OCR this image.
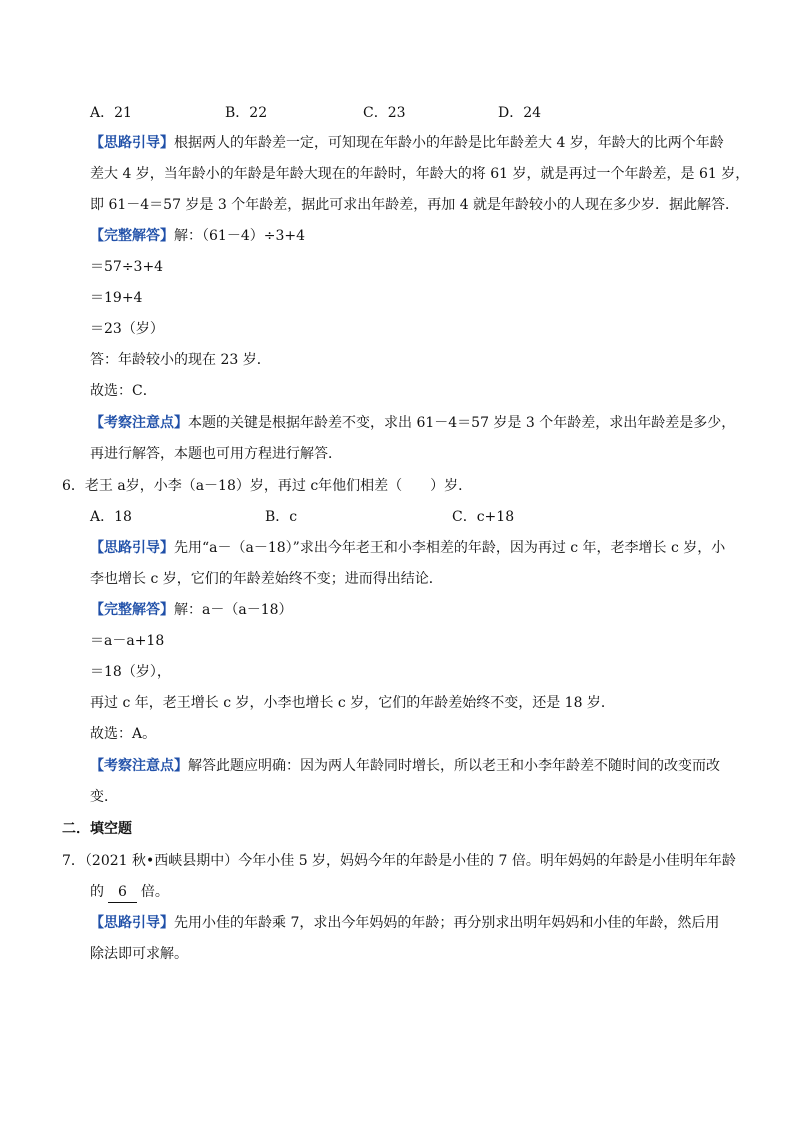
A．21	B．22	C．23	D．24
【思路引导】根据两人的年龄差一定，可知现在年龄小的年龄是比年龄差大 4 岁，年龄大的比两个年龄
差大 4 岁，当年龄小的年龄是年龄大现在的年龄时，年龄大的将 61 岁，就是再过一个年龄差，是 61 岁，
即 61－4＝57 岁是 3 个年龄差，据此可求出年龄差，再加 4 就是年龄较小的人现在多少岁．据此解答．
【完整解答】解：（61－4）÷3+4
＝57÷3+4
＝19+4
＝23（岁）
答：年龄较小的现在 23 岁．
故选：C．
【考察注意点】本题的关键是根据年龄差不变，求出 61－4＝57 岁是 3 个年龄差，求出年龄差是多少，
再进行解答，本题也可用方程进行解答．
6．老王 a岁，小李（a－18）岁，再过 c年他们相差（　　）岁．
A．18	B．c	C．c+18
【思路引导】先用“a－（a－18）”求出今年老王和小李相差的年龄，因为再过 c 年，老李增长 c 岁，小
李也增长 c 岁，它们的年龄差始终不变；进而得出结论．
【完整解答】解：a－（a－18）
＝a－a+18
＝18（岁），
再过 c 年，老王增长 c 岁，小李也增长 c 岁，它们的年龄差始终不变，还是 18 岁．
故选：A。
【考察注意点】解答此题应明确：因为两人年龄同时增长，所以老王和小李年龄差不随时间的改变而改
变．
二．填空题
7．（2021 秋•西峡县期中）今年小佳 5 岁，妈妈今年的年龄是小佳的 7 倍。明年妈妈的年龄是小佳明年年龄
的 6 倍。
【思路引导】先用小佳的年龄乘 7，求出今年妈妈的年龄；再分别求出明年妈妈和小佳的年龄，然后用
除法即可求解。
